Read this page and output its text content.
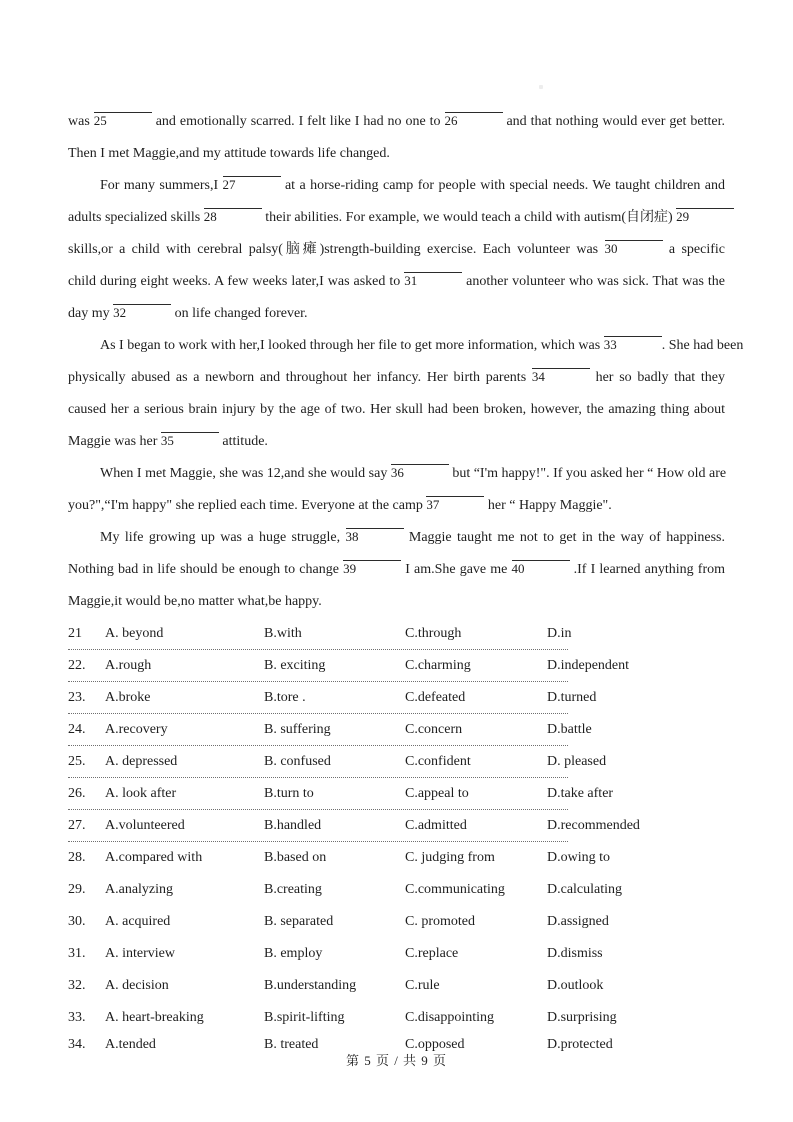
was 25	and emotionally scarred. I felt like I had no one to 26	and that nothing would ever get better.
Then I met Maggie,and my attitude towards life changed.
For many summers,I 27	at a horse-riding camp for people with special needs. We taught children and
adults specialized skills 28	their abilities. For example, we would teach a child with autism(自闭症) 29
skills,or a child with cerebral palsy(脑瘫)strength-building exercise. Each volunteer was 30	a specific
child during eight weeks. A few weeks later,I was asked to 31	another volunteer who was sick. That was the
day my 32	on life changed forever.
As I began to work with her,I looked through her file to get more information, which was 33	. She had been
physically abused as a newborn and throughout her infancy. Her birth parents 34	her so badly that they
caused her a serious brain injury by the age of two. Her skull had been broken, however, the amazing thing about
Maggie was her 35	attitude.
When I met Maggie, she was 12,and she would say 36	but “I'm happy!". If you asked her “ How old are
you?",“I'm happy" she replied each time. Everyone at the camp 37	her “ Happy Maggie".
My life growing up was a huge struggle, 38	Maggie taught me not to get in the way of happiness.
Nothing bad in life should be enough to change 39	I am.She gave me 40	.If I learned anything from
Maggie,it would be,no matter what,be happy.
21	A. beyond	B.with	C.through	D.in
22.	A.rough	B. exciting	C.charming	D.independent
23.	A.broke	B.tore .	C.defeated	D.turned
24.	A.recovery	B. suffering	C.concern	D.battle
25.	A. depressed	B. confused	C.confident	D. pleased
26.	A. look after	B.turn to	C.appeal to	D.take after
27.	A.volunteered	B.handled	C.admitted	D.recommended
28.	A.compared with	B.based on	C. judging from	D.owing to
29.	A.analyzing	B.creating	C.communicating	D.calculating
30.	A. acquired	B. separated	C. promoted	D.assigned
31.	A. interview	B. employ	C.replace	D.dismiss
32.	A. decision	B.understanding	C.rule	D.outlook
33.	A. heart-breaking	B.spirit-lifting	C.disappointing	D.surprising
34.	A.tended	B. treated	C.opposed	D.protected
第 5 页 / 共 9 页
